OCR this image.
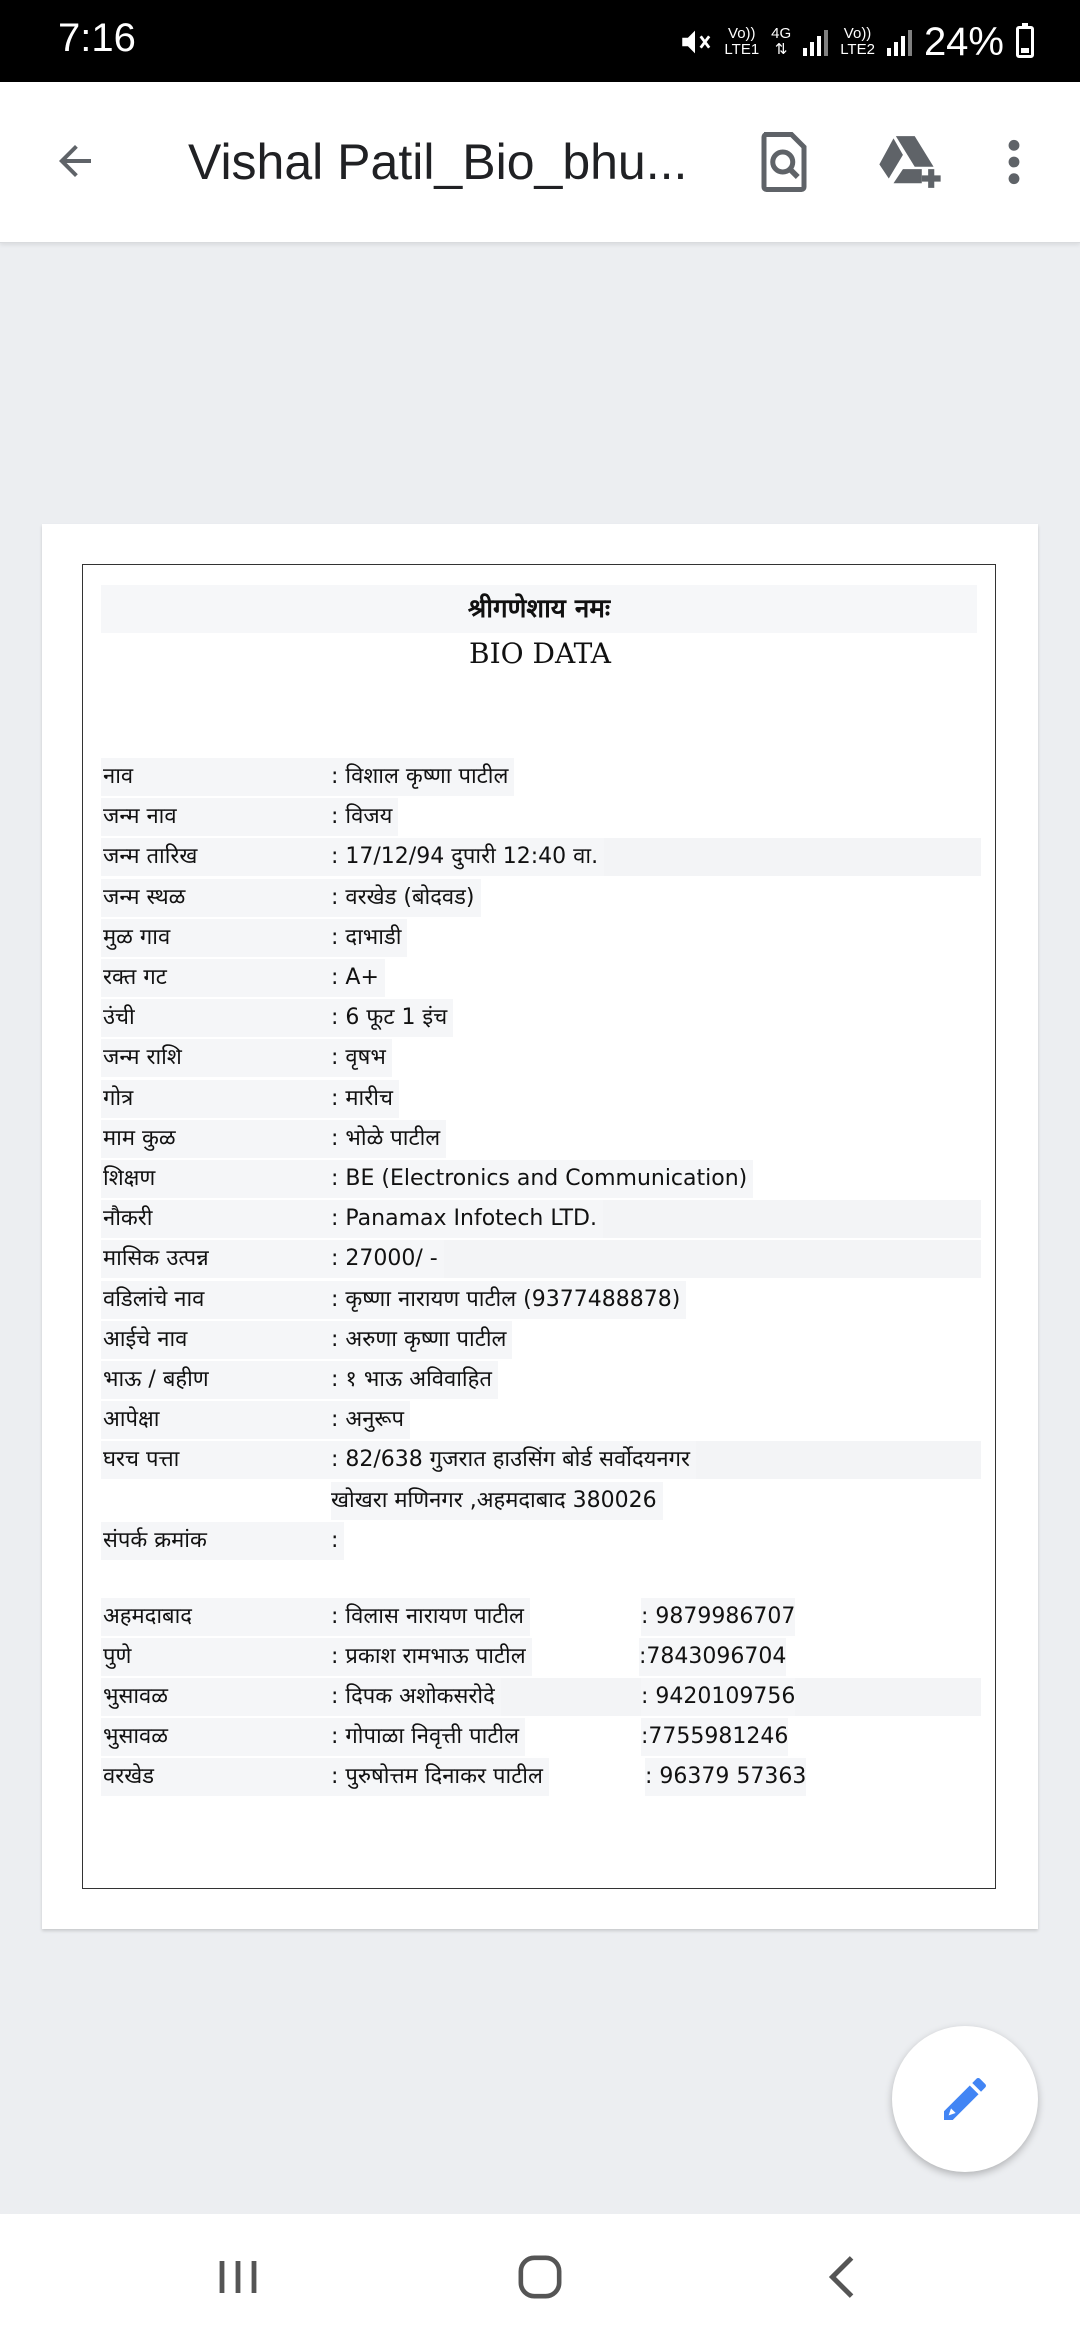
7:16	Vo))
LTE1
4G
⇅
Vo))
LTE2 24%
Vishal Patil_Bio_bhu...
श्रीगणेशाय नमः
BIO DATA
नाव	: विशाल कृष्णा पाटील
जन्म नाव	: विजय
जन्म तारिख	: 17/12/94 दुपारी 12:40 वा.
जन्म स्थळ	: वरखेड (बोदवड)
मुळ गाव	: दाभाडी
रक्त गट	: A+
उंची	: 6 फूट 1 इंच
जन्म राशि	: वृषभ
गोत्र	: मारीच
माम कुळ	: भोळे पाटील
शिक्षण	: BE (Electronics and Communication)
नौकरी	: Panamax Infotech LTD.
मासिक उत्पन्न	: 27000/ -
वडिलांचे नाव	: कृष्णा नारायण पाटील (9377488878)
आईचे नाव	: अरुणा कृष्णा पाटील
भाऊ / बहीण	: १ भाऊ अविवाहित
आपेक्षा	: अनुरूप
घरच पत्ता	: 82/638 गुजरात हाउसिंग बोर्ड सर्वोदयनगर
खोखरा मणिनगर ,अहमदाबाद 380026
संपर्क क्रमांक	:
अहमदाबाद	: विलास नारायण पाटील	: 9879986707
पुणे	: प्रकाश रामभाऊ पाटील	:7843096704
भुसावळ	: दिपक अशोकसरोदे	: 9420109756
भुसावळ	: गोपाळा निवृत्ती पाटील	:7755981246
वरखेड	: पुरुषोत्तम दिनाकर पाटील	: 96379 57363
